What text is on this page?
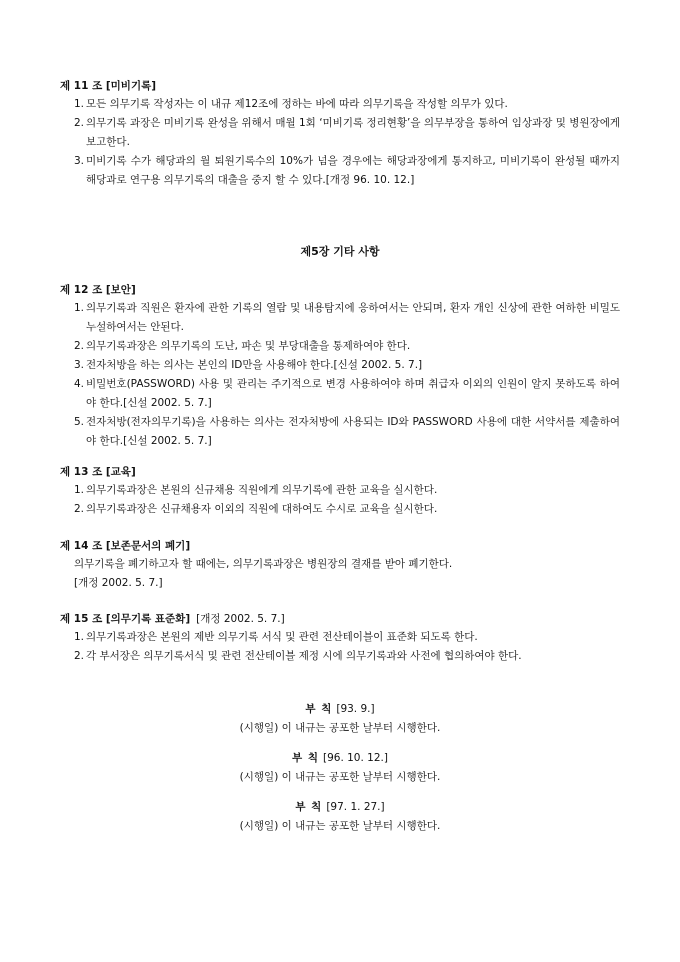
제 11 조 [미비기록]

1. 모든 의무기록 작성자는 이 내규 제12조에 정하는 바에 따라 의무기록을 작성할 의무가 있다.
2. 의무기록 과장은 미비기록 완성을 위해서 매월 1회 ‘미비기록 정리현황’을 의무부장을 통하여 임상과장 및 병원장에게 보고한다.
3. 미비기록 수가 해당과의 월 퇴원기록수의 10%가 넘을 경우에는 해당과장에게 통지하고, 미비기록이 완성될 때까지 해당과로 연구용 의무기록의 대출을 중지 할 수 있다.[개정 96. 10. 12.]
제5장 기타 사항

제 12 조 [보안]

1. 의무기록과 직원은 환자에 관한 기록의 열람 및 내용탐지에 응하여서는 안되며, 환자 개인 신상에 관한 여하한 비밀도 누설하여서는 안된다.
2. 의무기록과장은 의무기록의 도난, 파손 및 부당대출을 통제하여야 한다.
3. 전자처방을 하는 의사는 본인의 ID만을 사용해야 한다.[신설 2002. 5. 7.]
4. 비밀번호(PASSWORD) 사용 및 관리는 주기적으로 변경 사용하여야 하며 취급자 이외의 인원이 알지 못하도록 하여야 한다.[신설 2002. 5. 7.]
5. 전자처방(전자의무기록)을 사용하는 의사는 전자처방에 사용되는 ID와 PASSWORD 사용에 대한 서약서를 제출하여야 한다.[신설 2002. 5. 7.]

제 13 조 [교육]

1. 의무기록과장은 본원의 신규채용 직원에게 의무기록에 관한 교육을 실시한다.
2. 의무기록과장은 신규채용자 이외의 직원에 대하여도 수시로 교육을 실시한다.

제 14 조 [보존문서의 폐기]

의무기록을 폐기하고자 할 때에는, 의무기록과장은 병원장의 결재를 받아 폐기한다.

[개정 2002. 5. 7.]

제 15 조 [의무기록 표준화] [개정 2002. 5. 7.]

1. 의무기록과장은 본원의 제반 의무기록 서식 및 관련 전산테이블이 표준화 되도록 한다.
2. 각 부서장은 의무기록서식 및 관련 전산테이블 제정 시에 의무기록과와 사전에 협의하여야 한다.
부 칙 [93. 9.]
(시행일) 이 내규는 공포한 날부터 시행한다.
부 칙 [96. 10. 12.]
(시행일) 이 내규는 공포한 날부터 시행한다.
부 칙 [97. 1. 27.]
(시행일) 이 내규는 공포한 날부터 시행한다.
